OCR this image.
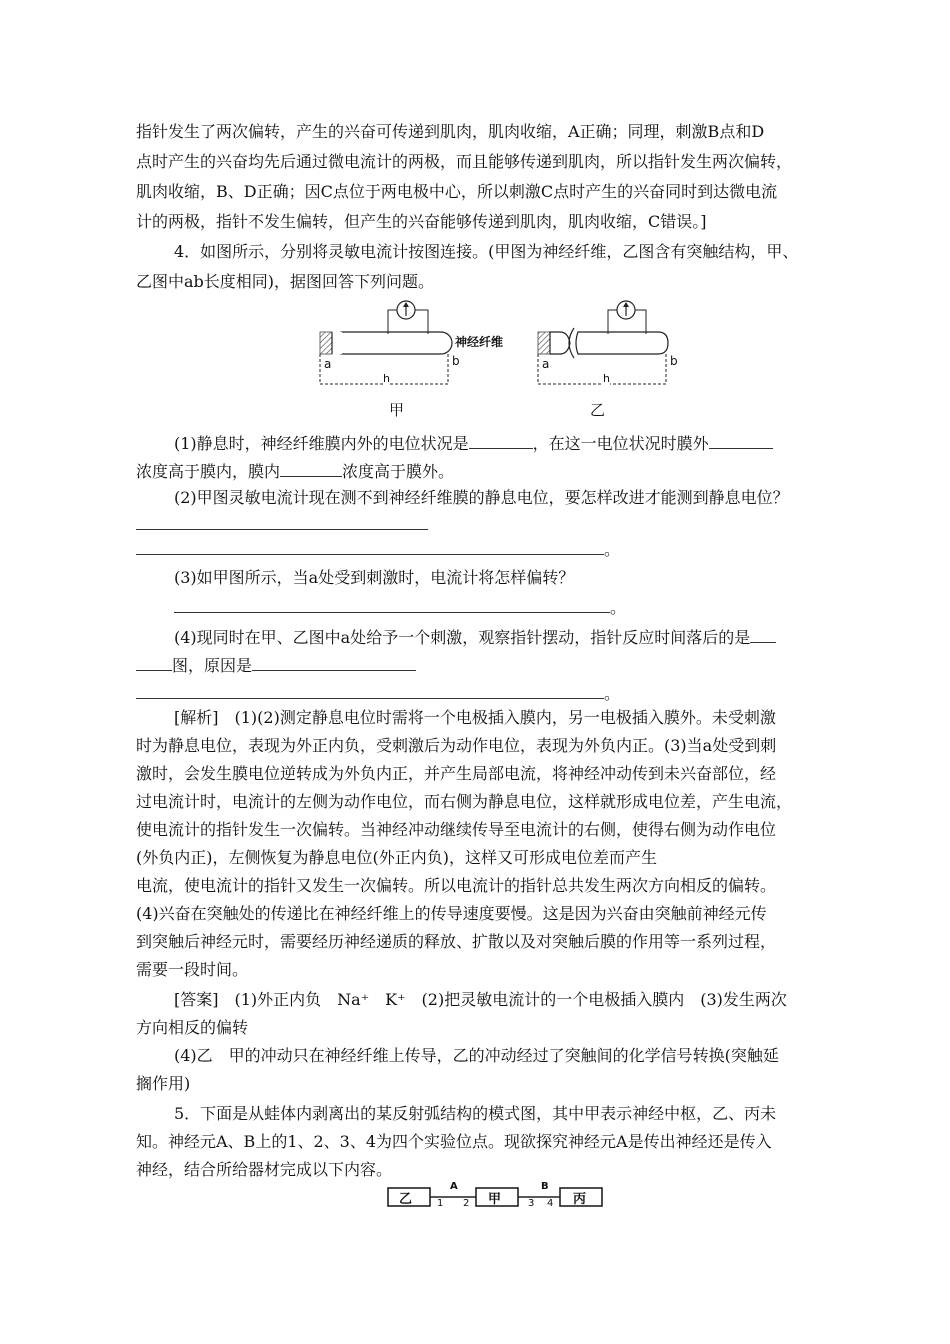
指针发生了两次偏转，产生的兴奋可传递到肌肉，肌肉收缩，A正确；同理，刺激B点和D
点时产生的兴奋均先后通过微电流计的两极，而且能够传递到肌肉，所以指针发生两次偏转，
肌肉收缩，B、D正确；因C点位于两电极中心，所以刺激C点时产生的兴奋同时到达微电流
计的两极，指针不发生偏转，但产生的兴奋能够传递到肌肉，肌肉收缩，C错误。]
4．如图所示，分别将灵敏电流计按图连接。(甲图为神经纤维，乙图含有突触结构，甲、
乙图中ab长度相同)，据图回答下列问题。
a	b
h
神经纤维
a	b
h
甲	乙
(1)静息时，神经纤维膜内外的电位状况是	，在这一电位状况时膜外
浓度高于膜内，膜内	浓度高于膜外。
(2)甲图灵敏电流计现在测不到神经纤维膜的静息电位，要怎样改进才能测到静息电位？
。
(3)如甲图所示，当a处受到刺激时，电流计将怎样偏转？
。
(4)现同时在甲、乙图中a处给予一个刺激，观察指针摆动，指针反应时间落后的是
图，原因是
。
[解析]　(1)(2)测定静息电位时需将一个电极插入膜内，另一电极插入膜外。未受刺激
时为静息电位，表现为外正内负，受刺激后为动作电位，表现为外负内正。(3)当a处受到刺
激时，会发生膜电位逆转成为外负内正，并产生局部电流，将神经冲动传到未兴奋部位，经
过电流计时，电流计的左侧为动作电位，而右侧为静息电位，这样就形成电位差，产生电流，
使电流计的指针发生一次偏转。当神经冲动继续传导至电流计的右侧，使得右侧为动作电位
(外负内正)，左侧恢复为静息电位(外正内负)，这样又可形成电位差而产生
电流，使电流计的指针又发生一次偏转。所以电流计的指针总共发生两次方向相反的偏转。
(4)兴奋在突触处的传递比在神经纤维上的传导速度要慢。这是因为兴奋由突触前神经元传
到突触后神经元时，需要经历神经递质的释放、扩散以及对突触后膜的作用等一系列过程，
需要一段时间。
[答案]　(1)外正内负　Na⁺　K⁺　(2)把灵敏电流计的一个电极插入膜内　(3)发生两次
方向相反的偏转
(4)乙　甲的冲动只在神经纤维上传导，乙的冲动经过了突触间的化学信号转换(突触延
搁作用)
5．下面是从蛙体内剥离出的某反射弧结构的模式图，其中甲表示神经中枢，乙、丙未
知。神经元A、B上的1、2、3、4为四个实验位点。现欲探究神经元A是传出神经还是传入
神经，结合所给器材完成以下内容。
乙	甲	丙
A	B
1 2	3 4
